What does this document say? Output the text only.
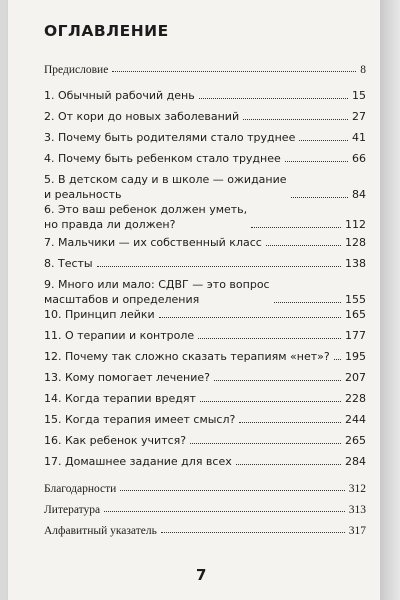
ОГЛАВЛЕНИЕ
Предисловие	8
1. Обычный рабочий день	15
2. От кори до новых заболеваний	27
3. Почему быть родителями стало труднее	41
4. Почему быть ребенком стало труднее	66
5. В детском саду и в школе — ожидание
и реальность	84
6. Это ваш ребенок должен уметь,
но правда ли должен?	112
7. Мальчики — их собственный класс	128
8. Тесты	138
9. Много или мало: СДВГ — это вопрос
масштабов и определения	155
10. Принцип лейки	165
11. О терапии и контроле	177
12. Почему так сложно сказать терапиям «нет»? 195
13. Кому помогает лечение?	207
14. Когда терапии вредят	228
15. Когда терапия имеет смысл?	244
16. Как ребенок учится?	265
17. Домашнее задание для всех	284
Благодарности	312
Литература	313
Алфавитный указатель	317
7
